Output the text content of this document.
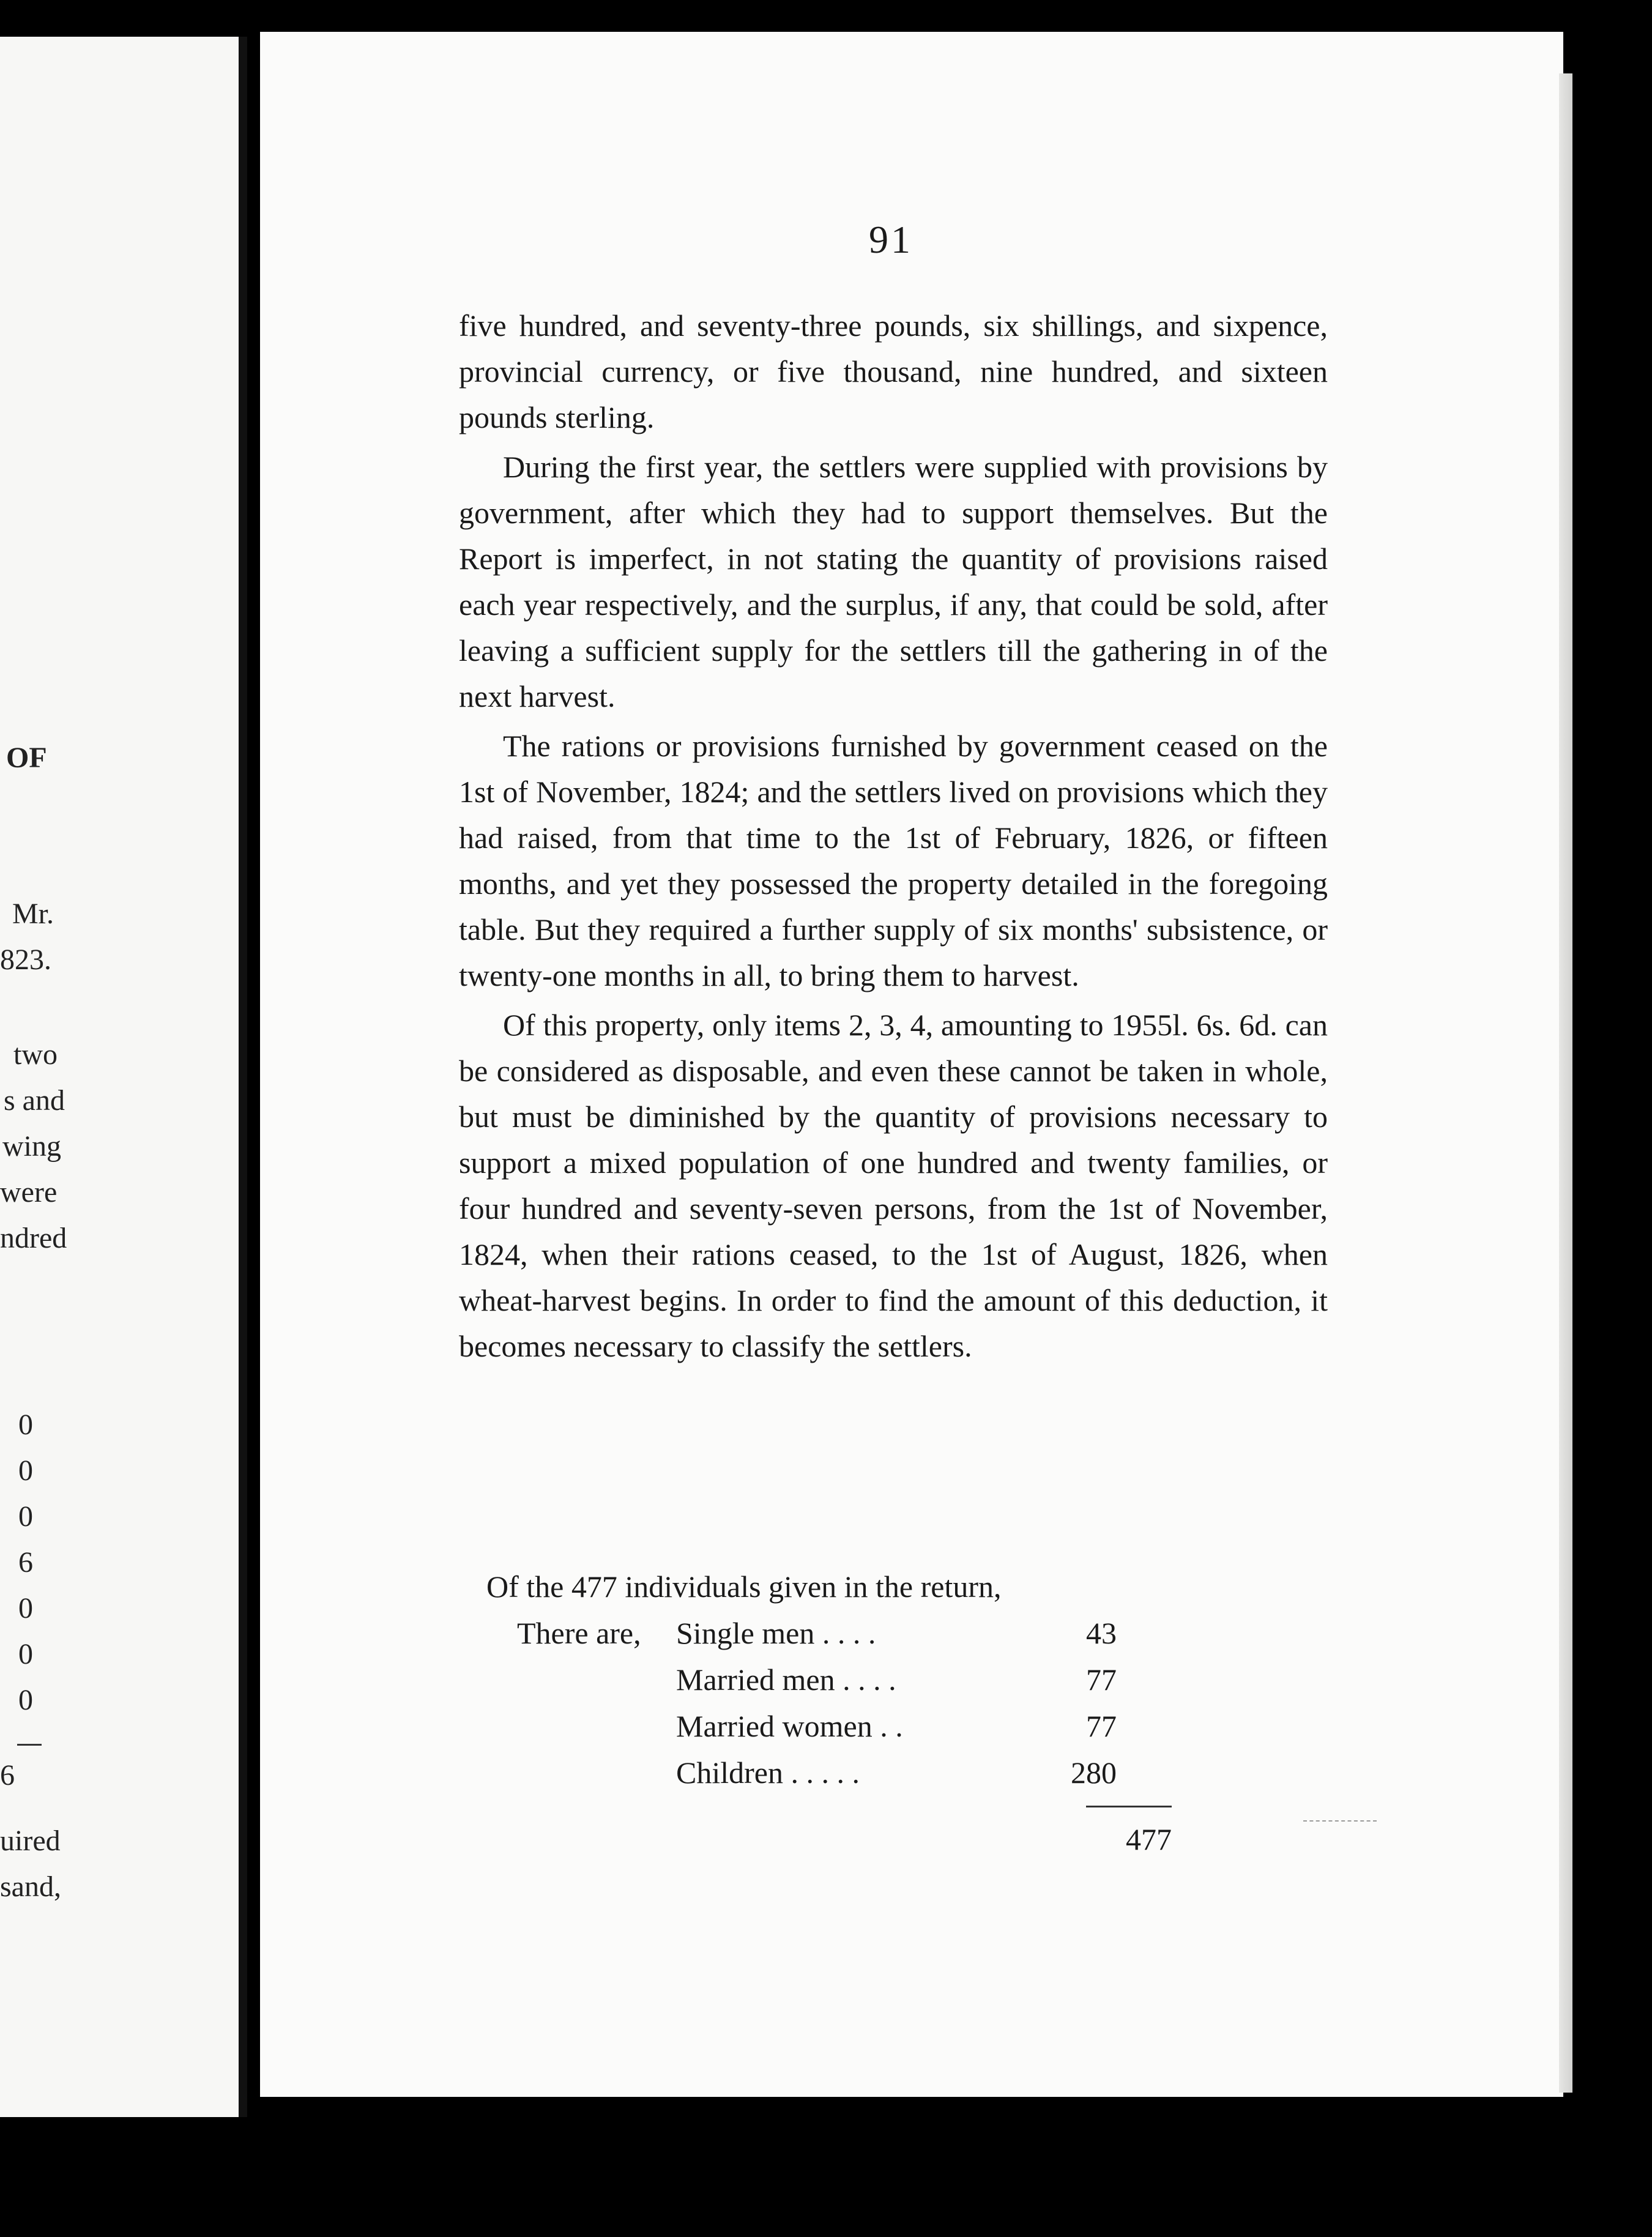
OF
Mr.
823.
two
s and
wing
were
ndred
0
0
0
6
0
0
0
6
uired
sand,
91

five hundred, and seventy-three pounds, six shillings, and sixpence, provincial currency, or five thousand, nine hundred, and sixteen pounds sterling.

During the first year, the settlers were supplied with provisions by government, after which they had to support themselves. But the Report is imperfect, in not stating the quantity of provisions raised each year respectively, and the surplus, if any, that could be sold, after leaving a sufficient supply for the settlers till the gathering in of the next harvest.

The rations or provisions furnished by government ceased on the 1st of November, 1824; and the settlers lived on provisions which they had raised, from that time to the 1st of February, 1826, or fifteen months, and yet they possessed the property detailed in the foregoing table. But they required a further supply of six months' subsistence, or twenty-one months in all, to bring them to harvest.

Of this property, only items 2, 3, 4, amounting to 1955l. 6s. 6d. can be considered as disposable, and even these cannot be taken in whole, but must be diminished by the quantity of provisions necessary to support a mixed population of one hundred and twenty families, or four hundred and seventy-seven persons, from the 1st of November, 1824, when their rations ceased, to the 1st of August, 1826, when wheat-harvest begins. In order to find the amount of this deduction, it becomes necessary to classify the settlers.

Of the 477 individuals given in the return,
There are,	Single men . . . .	43
Married men . . . .	77
Married women . .	77
Children . . . . .	280
477
